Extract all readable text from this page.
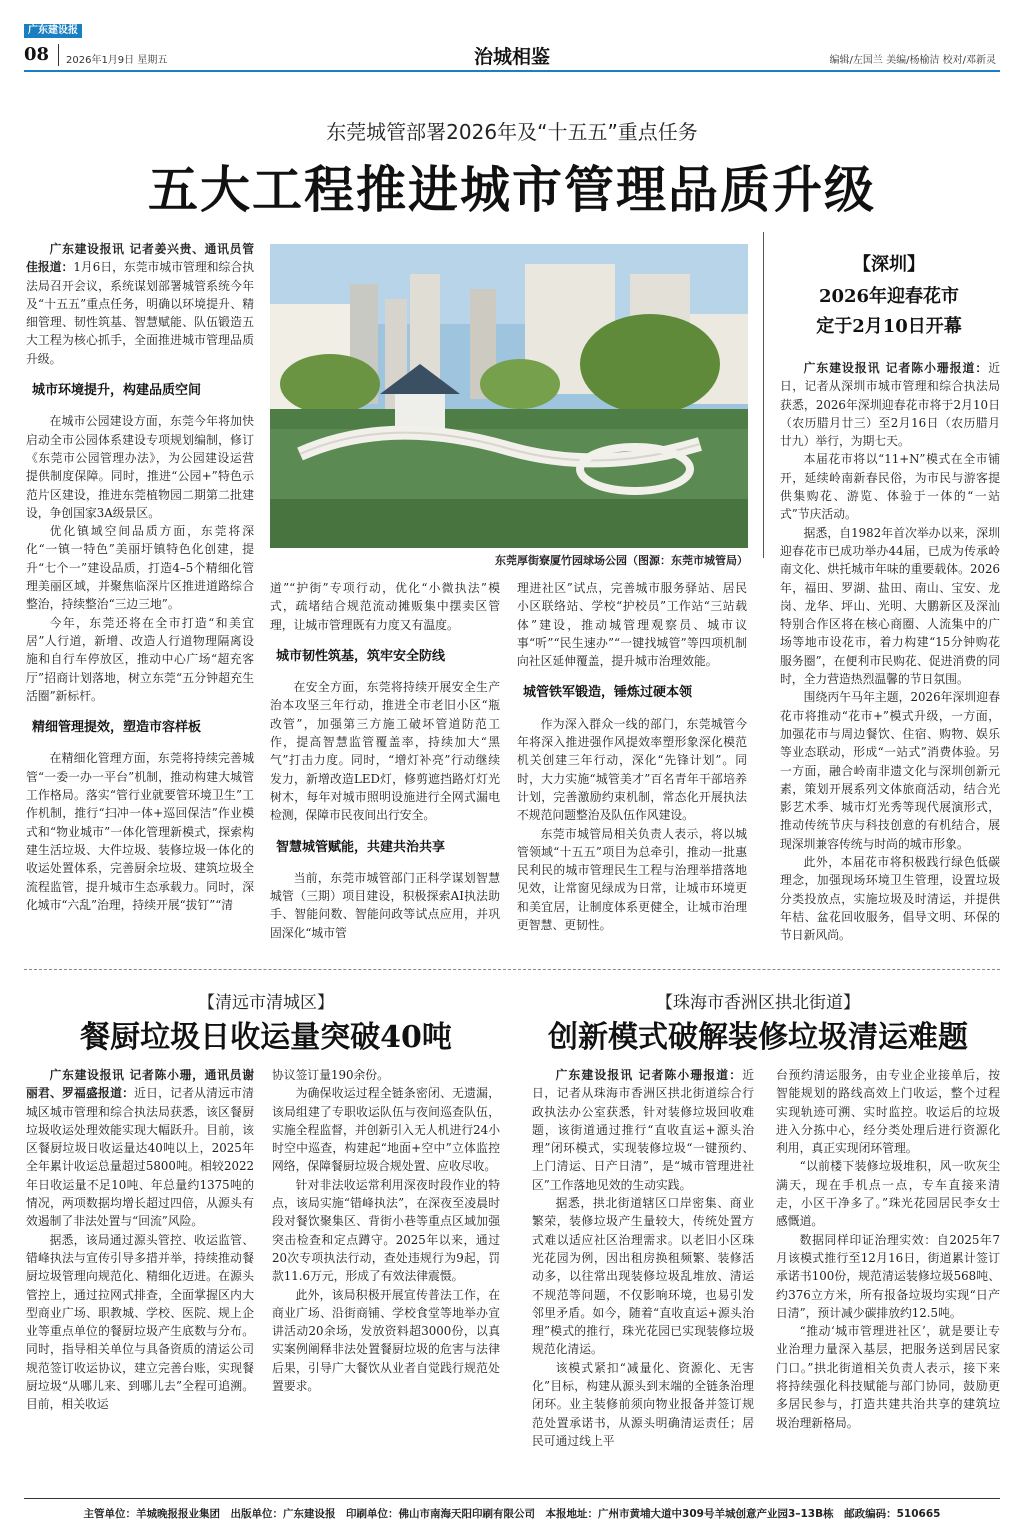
广东建设报
08 2026年1月9日 星期五	治城相鉴	编辑/左国兰 美编/杨榆洁 校对/邓新灵
东莞城管部署2026年及“十五五”重点任务
五大工程推进城市管理品质升级

广东建设报讯 记者姜兴贵、通讯员管佳报道：1月6日，东莞市城市管理和综合执法局召开会议，系统谋划部署城管系统今年及“十五五”重点任务，明确以环境提升、精细管理、韧性筑基、智慧赋能、队伍锻造五大工程为核心抓手，全面推进城市管理品质升级。

城市环境提升，构建品质空间

在城市公园建设方面，东莞今年将加快启动全市公园体系建设专项规划编制，修订《东莞市公园管理办法》，为公园建设运营提供制度保障。同时，推进“公园+”特色示范片区建设，推进东莞植物园二期第二批建设，争创国家3A级景区。

优化镇域空间品质方面，东莞将深化“一镇一特色”美丽圩镇特色化创建，提升“七个一”建设品质，打造4–5个精细化管理美丽区域，并聚焦临深片区推进道路综合整治，持续整治“三边三地”。

今年，东莞还将在全市打造“和美宜居”人行道，新增、改造人行道物理隔离设施和自行车停放区，推动中心广场“超充客厅”招商计划落地，树立东莞“五分钟超充生活圈”新标杆。

精细管理提效，塑造市容样板

在精细化管理方面，东莞将持续完善城管“一委一办一平台”机制，推动构建大城管工作格局。落实“管行业就要管环境卫生”工作机制，推行“扫冲一体+巡回保洁”作业模式和“物业城市”一体化管理新模式，探索构建生活垃圾、大件垃圾、装修垃圾一体化的收运处置体系，完善厨余垃圾、建筑垃圾全流程监管，提升城市生态承载力。同时，深化城市“六乱”治理，持续开展“拔钉”“清

东莞厚街寮厦竹园球场公园（图源：东莞市城管局）

道”“护街”专项行动，优化“小微执法”模式，疏堵结合规范流动摊贩集中摆卖区管理，让城市管理既有力度又有温度。

城市韧性筑基，筑牢安全防线

在安全方面，东莞将持续开展安全生产治本攻坚三年行动，推进全市老旧小区“瓶改管”，加强第三方施工破坏管道防范工作，提高智慧监管覆盖率，持续加大“黑气”打击力度。同时，“增灯补亮”行动继续发力，新增改造LED灯，修剪遮挡路灯灯光树木，每年对城市照明设施进行全网式漏电检测，保障市民夜间出行安全。

智慧城管赋能，共建共治共享

当前，东莞市城管部门正科学谋划智慧城管（三期）项目建设，积极探索AI执法助手、智能问数、智能问政等试点应用，并巩固深化“城市管

理进社区”试点，完善城市服务驿站、居民小区联络站、学校“护校员”工作站“三站载体”建设，推动城管理观察员、城市议事“听”“民生速办”“一键找城管”等四项机制向社区延伸覆盖，提升城市治理效能。

城管铁军锻造，锤炼过硬本领

作为深入群众一线的部门，东莞城管今年将深入推进强作风提效率塑形象深化模范机关创建三年行动，深化“先锋计划”。同时，大力实施“城管美才”百名青年干部培养计划，完善激励约束机制，常态化开展执法不规范问题整治及队伍作风建设。

东莞市城管局相关负责人表示，将以城管领域“十五五”项目为总牵引，推动一批惠民利民的城市管理民生工程与治理举措落地见效，让常窗见绿成为日常，让城市环境更和美宜居，让制度体系更健全，让城市治理更智慧、更韧性。

【深圳】
2026年迎春花市
定于2月10日开幕

广东建设报讯 记者陈小珊报道：近日，记者从深圳市城市管理和综合执法局获悉，2026年深圳迎春花市将于2月10日（农历腊月廿三）至2月16日（农历腊月廿九）举行，为期七天。

本届花市将以“11+N”模式在全市铺开，延续岭南新春民俗，为市民与游客提供集购花、游览、体验于一体的“一站式”节庆活动。

据悉，自1982年首次举办以来，深圳迎春花市已成功举办44届，已成为传承岭南文化、烘托城市年味的重要载体。2026年，福田、罗湖、盐田、南山、宝安、龙岗、龙华、坪山、光明、大鹏新区及深汕特别合作区将在核心商圈、人流集中的广场等地市设花市，着力构建“15分钟购花服务圈”，在便利市民购花、促进消费的同时，全力营造热烈温馨的节日氛围。

围绕丙午马年主题，2026年深圳迎春花市将推动“花市+”模式升级，一方面，加强花市与周边餐饮、住宿、购物、娱乐等业态联动，形成“一站式”消费体验。另一方面，融合岭南非遗文化与深圳创新元素，策划开展系列文体旅商活动，结合光影艺术季、城市灯光秀等现代展演形式，推动传统节庆与科技创意的有机结合，展现深圳兼容传统与时尚的城市形象。

此外，本届花市将积极践行绿色低碳理念，加强现场环境卫生管理，设置垃圾分类投放点，实施垃圾及时清运，并提供年桔、盆花回收服务，倡导文明、环保的节日新风尚。

【清远市清城区】
餐厨垃圾日收运量突破40吨

广东建设报讯 记者陈小珊，通讯员谢丽君、罗福盛报道：近日，记者从清远市清城区城市管理和综合执法局获悉，该区餐厨垃圾收运处理效能实现大幅跃升。目前，该区餐厨垃圾日收运量达40吨以上，2025年全年累计收运总量超过5800吨。相较2022年日收运量不足10吨、年总量约1375吨的情况，两项数据均增长超过四倍，从源头有效遏制了非法处置与“回流”风险。

据悉，该局通过源头管控、收运监管、错峰执法与宣传引导多措并举，持续推动餐厨垃圾管理向规范化、精细化迈进。在源头管控上，通过拉网式排查，全面掌握区内大型商业广场、职教城、学校、医院、规上企业等重点单位的餐厨垃圾产生底数与分布。同时，指导相关单位与具备资质的清运公司规范签订收运协议，建立完善台账，实现餐厨垃圾“从哪儿来、到哪儿去”全程可追溯。目前，相关收运

协议签订量190余份。

为确保收运过程全链条密闭、无遗漏，该局组建了专职收运队伍与夜间巡查队伍，实施全程监督，并创新引入无人机进行24小时空中巡查，构建起“地面+空中”立体监控网络，保障餐厨垃圾合规处置、应收尽收。

针对非法收运常利用深夜时段作业的特点，该局实施“错峰执法”，在深夜至凌晨时段对餐饮聚集区、背街小巷等重点区域加强突击检查和定点蹲守。2025年以来，通过20次专项执法行动，查处违规行为9起，罚款11.6万元，形成了有效法律震慑。

此外，该局积极开展宣传普法工作，在商业广场、沿街商铺、学校食堂等地举办宣讲活动20余场，发放资料超3000份，以真实案例阐释非法处置餐厨垃圾的危害与法律后果，引导广大餐饮从业者自觉践行规范处置要求。

【珠海市香洲区拱北街道】
创新模式破解装修垃圾清运难题

广东建设报讯 记者陈小珊报道：近日，记者从珠海市香洲区拱北街道综合行政执法办公室获悉，针对装修垃圾回收难题，该街道通过推行“直收直运+源头治理”闭环模式，实现装修垃圾“一键预约、上门清运、日产日清”，是“城市管理进社区”工作落地见效的生动实践。

据悉，拱北街道辖区口岸密集、商业繁荣，装修垃圾产生量较大，传统处置方式难以适应社区治理需求。以老旧小区珠光花园为例，因出租房换租频繁、装修活动多，以往常出现装修垃圾乱堆放、清运不规范等问题，不仅影响环境，也易引发邻里矛盾。如今，随着“直收直运+源头治理”模式的推行，珠光花园已实现装修垃圾规范化清运。

该模式紧扣“减量化、资源化、无害化”目标，构建从源头到末端的全链条治理闭环。业主装修前须向物业报备并签订规范处置承诺书，从源头明确清运责任；居民可通过线上平

台预约清运服务，由专业企业接单后，按智能规划的路线高效上门收运，整个过程实现轨迹可溯、实时监控。收运后的垃圾进入分拣中心，经分类处理后进行资源化利用，真正实现闭环管理。

“以前楼下装修垃圾堆积，风一吹灰尘满天，现在手机点一点，专车直接来清走，小区干净多了。”珠光花园居民李女士感慨道。

数据同样印证治理实效：自2025年7月该模式推行至12月16日，街道累计签订承诺书100份，规范清运装修垃圾568吨、约376立方米，所有报备垃圾均实现“日产日清”，预计减少碳排放约12.5吨。

“推动‘城市管理进社区’，就是要让专业治理力量深入基层，把服务送到居民家门口。”拱北街道相关负责人表示，接下来将持续强化科技赋能与部门协同，鼓励更多居民参与，打造共建共治共享的建筑垃圾治理新格局。

主管单位：羊城晚报报业集团　出版单位：广东建设报　印刷单位：佛山市南海天阳印刷有限公司　本报地址：广州市黄埔大道中309号羊城创意产业园3–13B栋　邮政编码：510665
